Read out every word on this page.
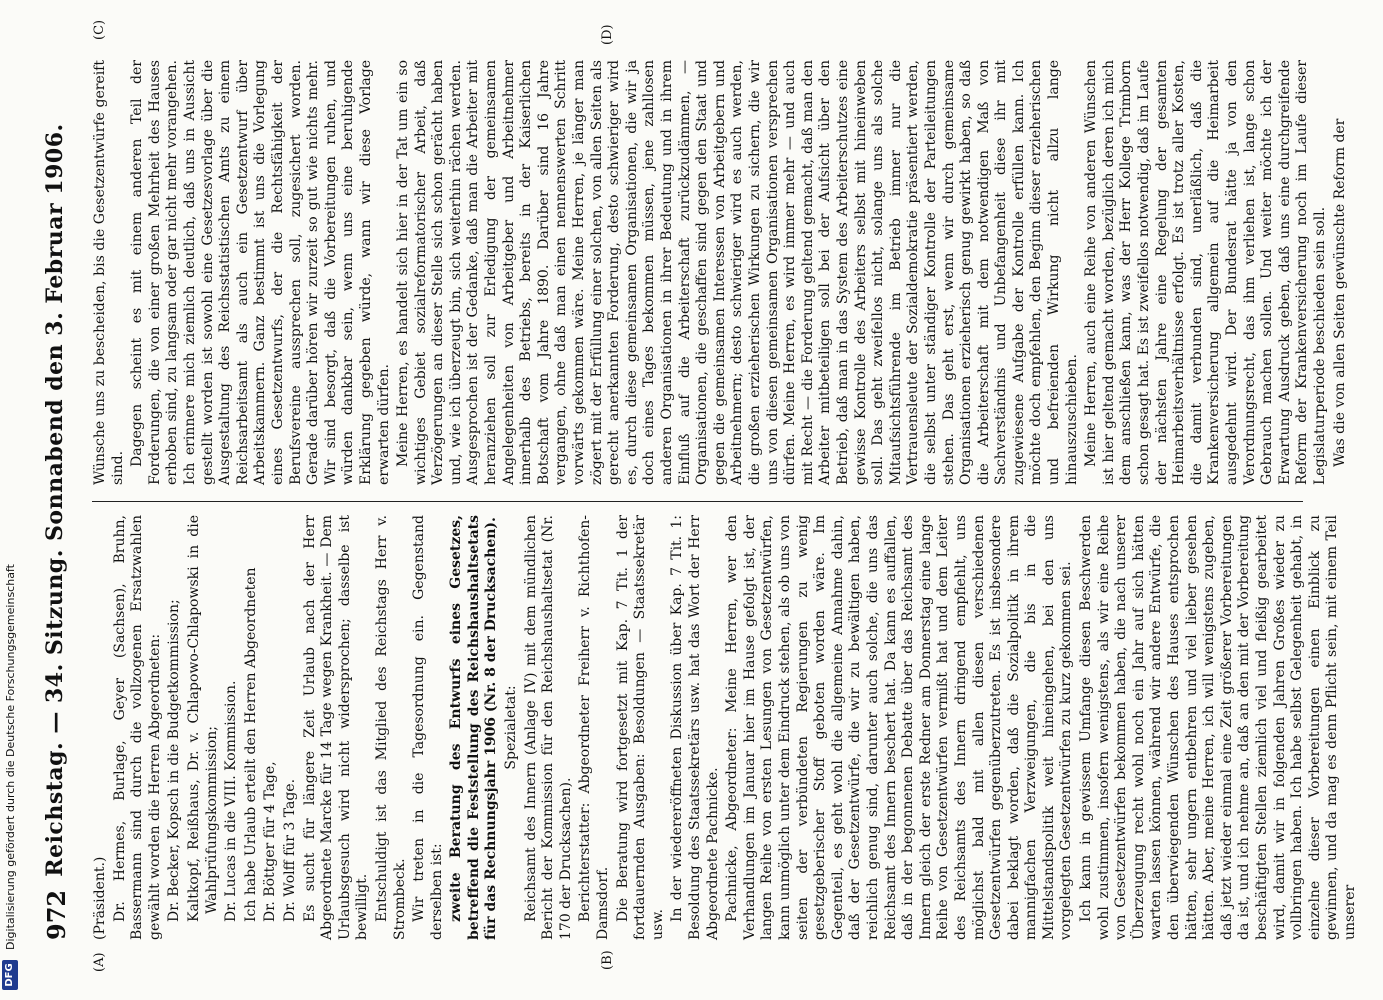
972
Reichstag. — 34. Sitzung. Sonnabend den 3. Februar 1906.
(A)	(B)
(C)	(D)

(Präsident.) Dr. Hermes, Burlage, Geyer (Sachsen), Bruhn, Bassermann sind durch die vollzogenen Ersatzwahlen gewählt worden die Herren Abgeordneten: Dr. Becker, Kopsch in die Budgetkommission; Kaltkopf, Reißhaus, Dr. v. Chlapowo-Chlapowski in die Wahlprüfungskommission; Dr. Lucas in die VIII. Kommission. Ich habe Urlaub erteilt den Herren Abgeordneten Dr. Böttger für 4 Tage, Dr. Wolff für 3 Tage. Es sucht für längere Zeit Urlaub nach der Herr Abgeordnete Marcke für 14 Tage wegen Krankheit. — Dem Urlaubsgesuch wird nicht widersprochen; dasselbe ist bewilligt. Entschuldigt ist das Mitglied des Reichstags Herr v. Strombeck. Wir treten in die Tagesordnung ein. Gegenstand derselben ist: zweite Beratung des Entwurfs eines Gesetzes, betreffend die Feststellung des Reichshaushaltsetats für das Rechnungsjahr 1906 (Nr. 8 der Drucksachen). Spezialetat: Reichsamt des Innern (Anlage IV) mit dem mündlichen Bericht der Kommission für den Reichshaushaltsetat (Nr. 170 der Drucksachen). Berichterstatter: Abgeordneter Freiherr v. Richthofen-Damsdorf. Die Beratung wird fortgesetzt mit Kap. 7 Tit. 1 der fortdauernden Ausgaben: Besoldungen — Staatssekretär usw.

In der wiedereröffneten Diskussion über Kap. 7 Tit. 1: Besoldung des Staatssekretärs usw. hat das Wort der Herr Abgeordnete Pachnicke. Pachnicke, Abgeordneter: Meine Herren, wer den Verhandlungen im Januar hier im Hause gefolgt ist, der langen Reihe von ersten Lesungen von Gesetzentwürfen, kann unmöglich unter dem Eindruck stehen, als ob uns von seiten der verbündeten Regierungen zu wenig gesetzgeberischer Stoff geboten worden wäre. Im Gegenteil, es geht wohl die allgemeine Annahme dahin, daß der Gesetzentwürfe, die wir zu bewältigen haben, reichlich genug sind, darunter auch solche, die uns das Reichsamt des Innern beschert hat. Da kann es auffallen, daß in der begonnenen Debatte über das Reichsamt des Innern gleich der erste Redner am Donnerstag eine lange Reihe von Gesetzentwürfen vermißt hat und dem Leiter des Reichsamts des Innern dringend empfiehlt, uns möglichst bald mit allen diesen verschiedenen Gesetzentwürfen gegenüberzutreten. Es ist insbesondere dabei beklagt worden, daß die Sozialpolitik in ihrem mannigfachen Verzweigungen, die bis in die Mittelstandspolitik weit hineingehen, bei den uns vorgelegten Gesetzentwürfen zu kurz gekommen sei. Ich kann in gewissem Umfange diesen Beschwerden wohl zustimmen, insofern wenigstens, als wir eine Reihe von Gesetzentwürfen bekommen haben, die nach unserer Überzeugung recht wohl noch ein Jahr auf sich hätten warten lassen können, während wir andere Entwürfe, die den überwiegenden Wünschen des Hauses entsprochen hätten, sehr ungern entbehren und viel lieber gesehen hätten. Aber, meine Herren, ich will wenigstens zugeben, daß jetzt wieder einmal eine Zeit größerer Vorbereitungen da ist, und ich nehme an, daß an den mit der Vorbereitung beschäftigten Stellen ziemlich viel und fleißig gearbeitet wird, damit wir in folgenden Jahren Großes wieder zu vollbringen haben. Ich habe selbst Gelegenheit gehabt, in einzelne dieser Vorbereitungen einen Einblick zu gewinnen, und da mag es denn Pflicht sein, mit einem Teil unserer

Wünsche uns zu bescheiden, bis die Gesetzentwürfe gereift sind.

Dagegen scheint es mit einem anderen Teil der Forderungen, die von einer großen Mehrheit des Hauses erhoben sind, zu langsam oder gar nicht mehr vorangehen. Ich erinnere mich ziemlich deutlich, daß uns in Aussicht gestellt worden ist sowohl eine Gesetzesvorlage über die Ausgestaltung des Reichsstatistischen Amts zu einem Reichsarbeitsamt als auch ein Gesetzentwurf über Arbeitskammern. Ganz bestimmt ist uns die Vorlegung eines Gesetzentwurfs, der die Rechtsfähigkeit der Berufsvereine aussprechen soll, zugesichert worden. Gerade darüber hören wir zurzeit so gut wie nichts mehr. Wir sind besorgt, daß die Vorbereitungen ruhen, und würden dankbar sein, wenn uns eine beruhigende Erklärung gegeben würde, wann wir diese Vorlage erwarten dürfen. Meine Herren, es handelt sich hier in der Tat um ein so wichtiges Gebiet sozialreformatorischer Arbeit, daß Verzögerungen an dieser Stelle sich schon gerächt haben und, wie ich überzeugt bin, sich weiterhin rächen werden. Ausgesprochen ist der Gedanke, daß man die Arbeiter mit heranziehen soll zur Erledigung der gemeinsamen Angelegenheiten von Arbeitgeber und Arbeitnehmer innerhalb des Betriebs, bereits in der Kaiserlichen Botschaft vom Jahre 1890. Darüber sind 16 Jahre vergangen, ohne daß man einen nennenswerten Schritt vorwärts gekommen wäre. Meine Herren, je länger man zögert mit der Erfüllung einer solchen, von allen Seiten als gerecht anerkannten Forderung, desto schwieriger wird es, durch diese gemeinsamen Organisationen, die wir ja doch eines Tages bekommen müssen, jene zahllosen anderen Organisationen in ihrer Bedeutung und in ihrem Einfluß auf die Arbeiterschaft zurückzudämmen, — Organisationen, die geschaffen sind gegen den Staat und gegen die gemeinsamen Interessen von Arbeitgebern und Arbeitnehmern; desto schwieriger wird es auch werden, die großen erzieherischen Wirkungen zu sichern, die wir uns von diesen gemeinsamen Organisationen versprechen dürfen. Meine Herren, es wird immer mehr — und auch mit Recht — die Forderung geltend gemacht, daß man den Arbeiter mitbeteiligen soll bei der Aufsicht über den Betrieb, daß man in das System des Arbeiterschutzes eine gewisse Kontrolle des Arbeiters selbst mit hineinweben soll. Das geht zweifellos nicht, solange uns als solche Mitaufsichtsführende im Betrieb immer nur die Vertrauensleute der Sozialdemokratie präsentiert werden, die selbst unter ständiger Kontrolle der Parteileitungen stehen. Das geht erst, wenn wir durch gemeinsame Organisationen erzieherisch genug gewirkt haben, so daß die Arbeiterschaft mit dem notwendigen Maß von Sachverständnis und Unbefangenheit diese ihr mit zugewiesene Aufgabe der Kontrolle erfüllen kann. Ich möchte doch empfehlen, den Beginn dieser erzieherischen und befreienden Wirkung nicht allzu lange hinauszuschieben. Meine Herren, auch eine Reihe von anderen Wünschen ist hier geltend gemacht worden, bezüglich deren ich mich dem anschließen kann, was der Herr Kollege Trimborn schon gesagt hat. Es ist zweifellos notwendig, daß im Laufe der nächsten Jahre eine Regelung der gesamten Heimarbeitsverhältnisse erfolgt. Es ist trotz aller Kosten, die damit verbunden sind, unerläßlich, daß die Krankenversicherung allgemein auf die Heimarbeit ausgedehnt wird. Der Bundesrat hätte ja von den Verordnungsrecht, das ihm verliehen ist, lange schon Gebrauch machen sollen. Und weiter möchte ich der Erwartung Ausdruck geben, daß uns eine durchgreifende Reform der Krankenversicherung noch im Laufe dieser Legislaturperiode beschieden sein soll. Was die von allen Seiten gewünschte Reform der

DFG
Digitalisierung gefördert durch die Deutsche Forschungsgemeinschaft
